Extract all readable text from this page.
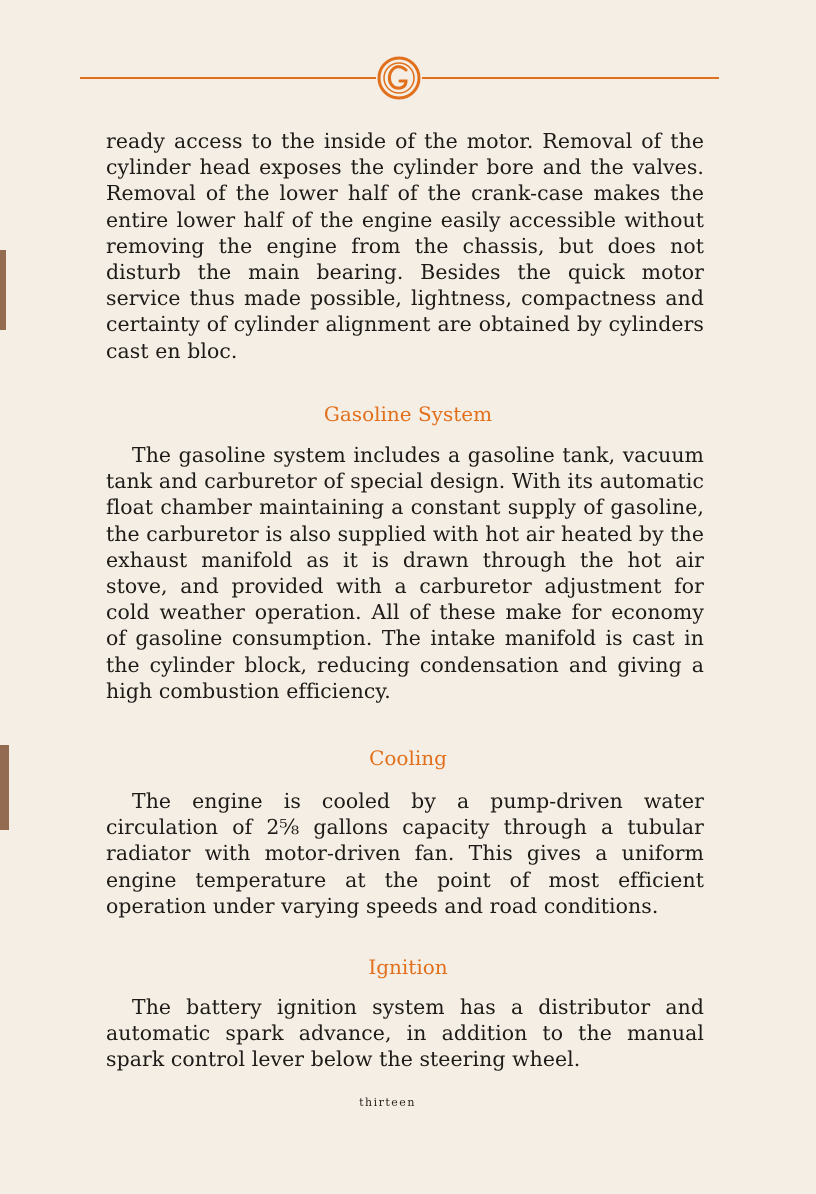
ready access to the inside of the motor. Removal of the cylinder head exposes the cylinder bore and the valves. Removal of the lower half of the crank-case makes the entire lower half of the engine easily accessible without removing the engine from the chassis, but does not disturb the main bearing. Besides the quick motor service thus made possible, lightness, compactness and certainty of cylinder alignment are obtained by cylinders cast en bloc.
Gasoline System
The gasoline system includes a gasoline tank, vacuum tank and carburetor of special design. With its automatic float chamber maintaining a constant supply of gasoline, the carburetor is also supplied with hot air heated by the exhaust manifold as it is drawn through the hot air stove, and provided with a carburetor adjustment for cold weather operation. All of these make for economy of gasoline consumption. The intake manifold is cast in the cylinder block, reducing condensation and giving a high combustion efficiency.
Cooling
The engine is cooled by a pump-driven water circulation of 2⅝ gallons capacity through a tubular radiator with motor-driven fan. This gives a uniform engine temperature at the point of most efficient operation under varying speeds and road conditions.
Ignition
The battery ignition system has a distributor and automatic spark advance, in addition to the manual spark control lever below the steering wheel.
thirteen
